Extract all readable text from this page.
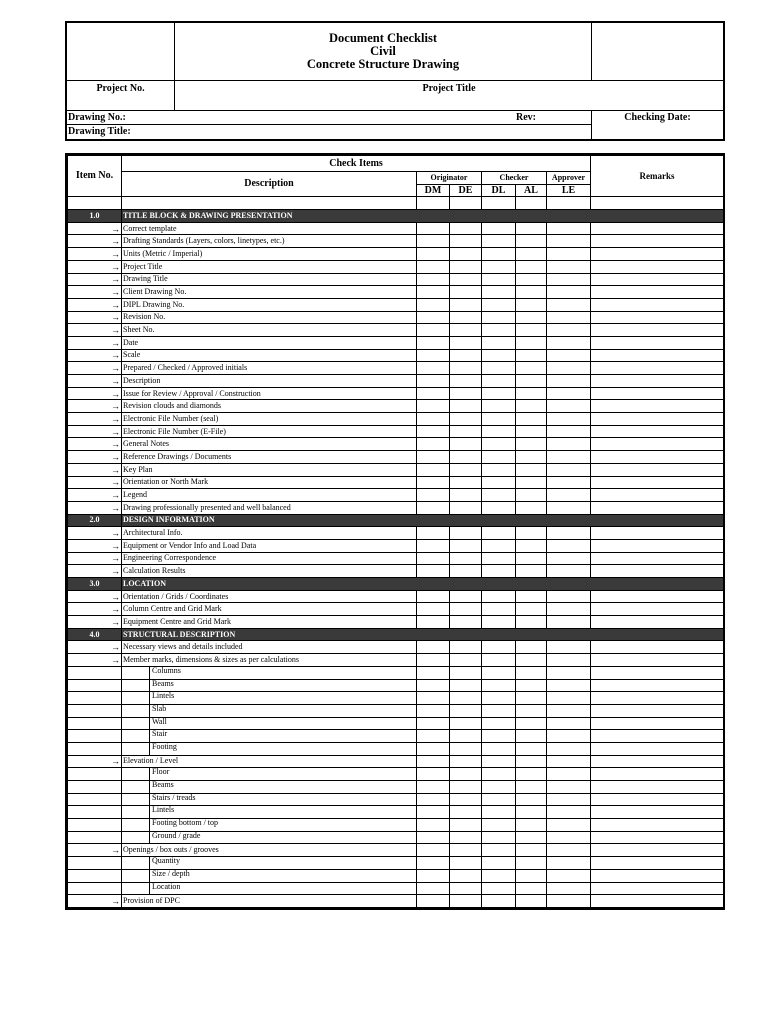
Document Checklist
Civil
Concrete Structure Drawing
Project No.	Project Title
Drawing No.:	Rev:
Drawing Title:
Checking Date:
Item No.	Check Items						Remarks
	Description	Originator		Checker		Approver	
		DM	DE	DL	AL	LE	

1.0	TITLE BLOCK & DRAWING PRESENTATION						
→	Correct template						
→	Drafting Standards (Layers, colors, linetypes, etc.)						
→	Units (Metric / Imperial)						
→	Project Title						
→	Drawing Title						
→	Client Drawing No.						
→	DIPL Drawing No.						
→	Revision No.						
→	Sheet No.						
→	Date						
→	Scale						
→	Prepared / Checked / Approved initials						
→	Description						
→	Issue for Review / Approval / Construction						
→	Revision clouds and diamonds						
→	Electronic File Number (seal)						
→	Electronic File Number (E-File)						
→	General Notes						
→	Reference Drawings / Documents						
→	Key Plan						
→	Orientation or North Mark						
→	Legend						
→	Drawing professionally presented and well balanced						
2.0	DESIGN INFORMATION						
→	Architectural Info.						
→	Equipment or Vendor Info and Load Data						
→	Engineering Correspondence						
→	Calculation Results						
3.0	LOCATION						
→	Orientation / Grids / Coordinates						
→	Column Centre and Grid Mark						
→	Equipment Centre and Grid Mark						
4.0	STRUCTURAL DESCRIPTION						
→	Necessary views and details included						
→	Member marks, dimensions & sizes as per calculations						

	Columns						

	Beams						

	Lintels						

	Slab						

	Wall						

	Stair						

	Footing						

→	Elevation / Level						

	Floor						

	Beams						

	Stairs / treads						

	Lintels						

	Footing bottom / top						

	Ground / grade						

→	Openings / box outs / grooves						

	Quantity						

	Size / depth						

	Location						

→	Provision of DPC						
